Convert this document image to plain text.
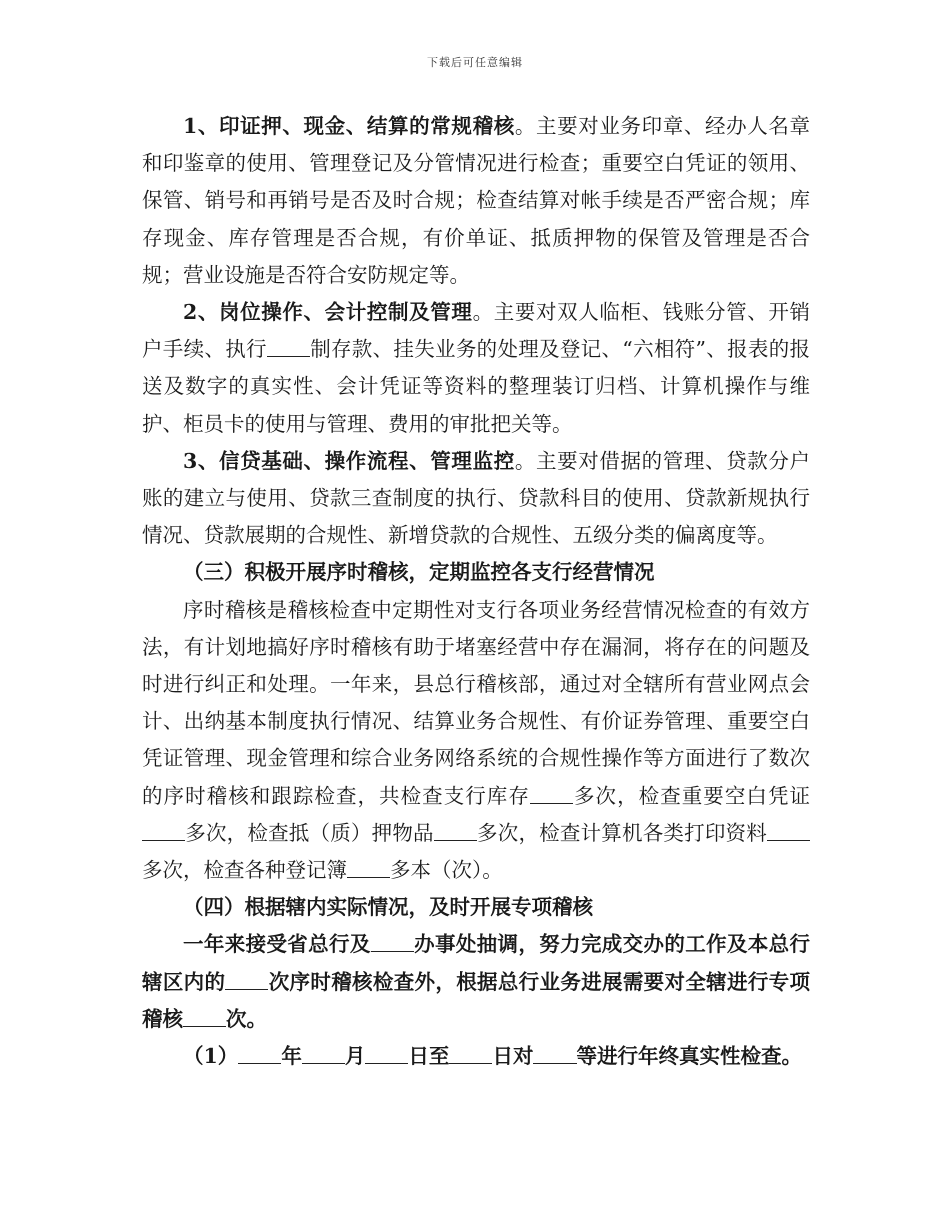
下载后可任意编辑

1、印证押、现金、结算的常规稽核。主要对业务印章、经办人名章和印鉴章的使用、管理登记及分管情况进行检查；重要空白凭证的领用、保管、销号和再销号是否及时合规；检查结算对帐手续是否严密合规；库存现金、库存管理是否合规，有价单证、抵质押物的保管及管理是否合规；营业设施是否符合安防规定等。

2、岗位操作、会计控制及管理。主要对双人临柜、钱账分管、开销户手续、执行 制存款、挂失业务的处理及登记、“六相符”、报表的报送及数字的真实性、会计凭证等资料的整理装订归档、计算机操作与维护、柜员卡的使用与管理、费用的审批把关等。

3、信贷基础、操作流程、管理监控。主要对借据的管理、贷款分户账的建立与使用、贷款三查制度的执行、贷款科目的使用、贷款新规执行情况、贷款展期的合规性、新增贷款的合规性、五级分类的偏离度等。

（三）积极开展序时稽核，定期监控各支行经营情况

序时稽核是稽核检查中定期性对支行各项业务经营情况检查的有效方法，有计划地搞好序时稽核有助于堵塞经营中存在漏洞，将存在的问题及时进行纠正和处理。一年来，县总行稽核部，通过对全辖所有营业网点会计、出纳基本制度执行情况、结算业务合规性、有价证券管理、重要空白凭证管理、现金管理和综合业务网络系统的合规性操作等方面进行了数次的序时稽核和跟踪检查，共检查支行库存 多次，检查重要空白凭证多次，检查抵（质）押物品 多次，检查计算机各类打印资料多次，检查各种登记簿 多本（次）。

（四）根据辖内实际情况，及时开展专项稽核

一年来接受省总行及 办事处抽调，努力完成交办的工作及本总行辖区内的 次序时稽核检查外，根据总行业务进展需要对全辖进行专项稽核 次。

（1） 年 月 日至 日对 等进行年终真实性检查。
